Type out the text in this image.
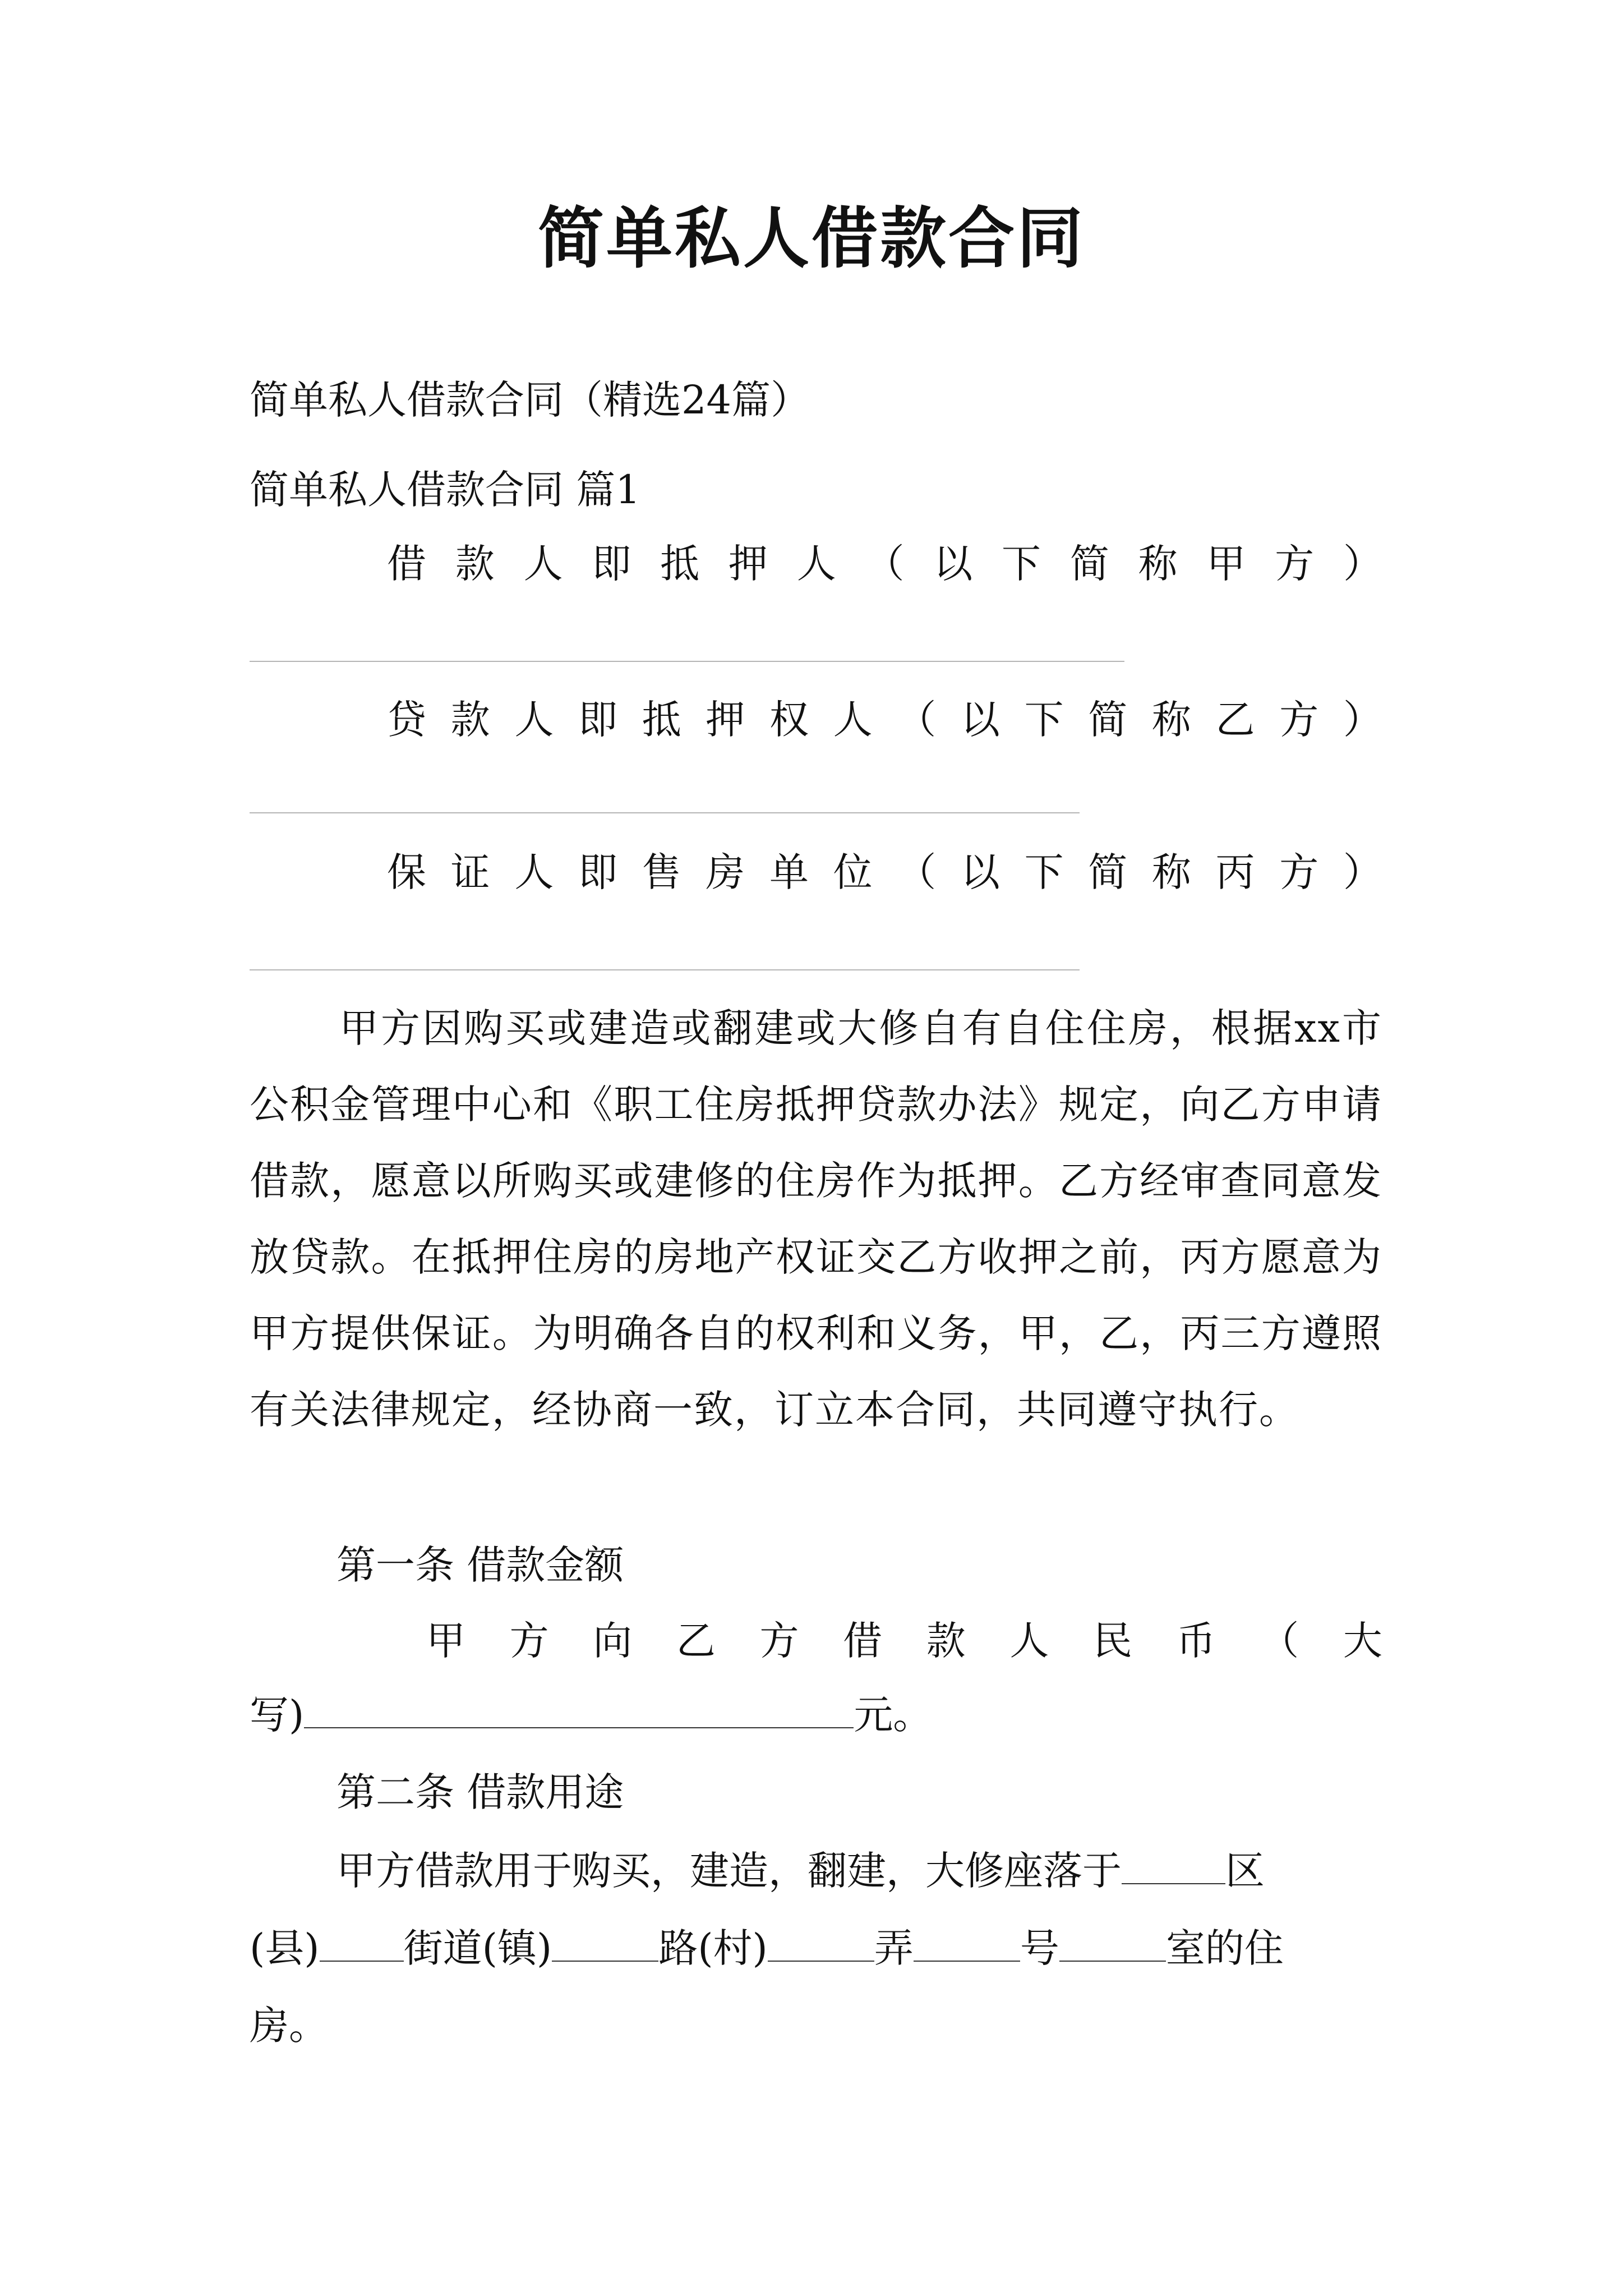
简单私人借款合同
简单私人借款合同（精选24篇）
简单私人借款合同 篇1
借 款 人 即 抵 押 人 （ 以 下 简 称 甲 方 ）
贷 款 人 即 抵 押 权 人 （ 以 下 简 称 乙 方 ）
保 证 人 即 售 房 单 位 （ 以 下 简 称 丙 方 ）
甲方因购买或建造或翻建或大修自有自住住房，根据xx市公积金管理中心和《职工住房抵押贷款办法》规定，向乙方申请借款，愿意以所购买或建修的住房作为抵押。乙方经审查同意发放贷款。在抵押住房的房地产权证交乙方收押之前，丙方愿意为甲方提供保证。为明确各自的权利和义务，甲，乙，丙三方遵照有关法律规定，经协商一致，订立本合同，共同遵守执行。
第一条 借款金额
甲 方 向 乙 方 借 款 人 民 币 （ 大
写)	元。
第二条 借款用途
甲方借款用于购买，建造，翻建，大修座落于	区
(县) 街道(镇)	路(村)	弄	号	室的住
房。
